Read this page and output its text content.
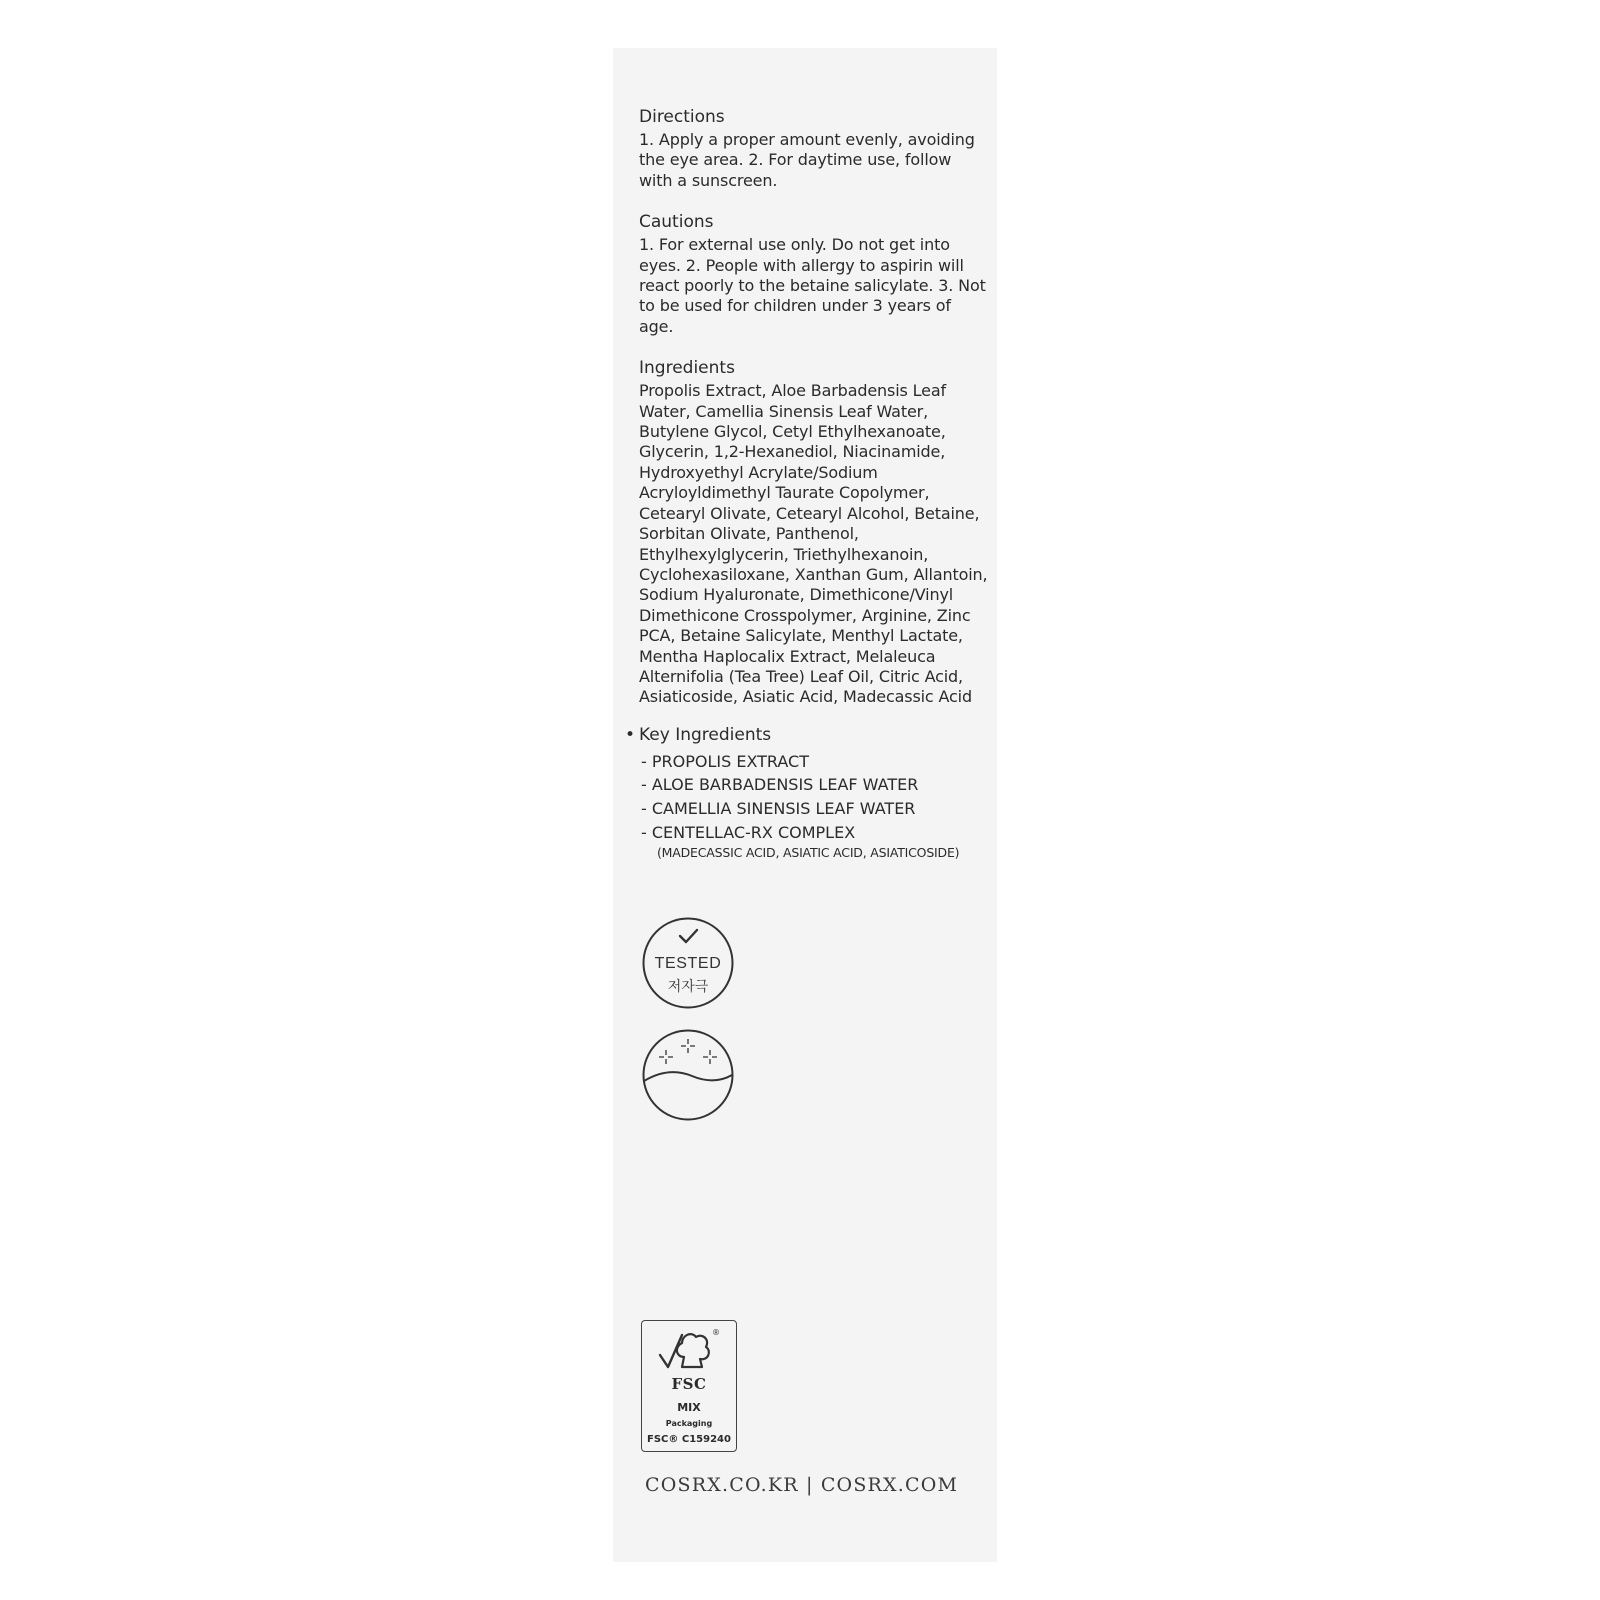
Directions

1. Apply a proper amount evenly, avoiding the eye area. 2. For daytime use, follow with a sunscreen.

Cautions

1. For external use only. Do not get into eyes. 2. People with allergy to aspirin will react poorly to the betaine salicylate. 3. Not to be used for children under 3 years of age.

Ingredients

Propolis Extract, Aloe Barbadensis Leaf Water, Camellia Sinensis Leaf Water, Butylene Glycol, Cetyl Ethylhexanoate, Glycerin, 1,2-Hexanediol, Niacinamide, Hydroxyethyl Acrylate/Sodium Acryloyldimethyl Taurate Copolymer, Cetearyl Olivate, Cetearyl Alcohol, Betaine, Sorbitan Olivate, Panthenol, Ethylhexylglycerin, Triethylhexanoin, Cyclohexasiloxane, Xanthan Gum, Allantoin, Sodium Hyaluronate, Dimethicone/Vinyl Dimethicone Crosspolymer, Arginine, Zinc PCA, Betaine Salicylate, Menthyl Lactate, Mentha Haplocalix Extract, Melaleuca Alternifolia (Tea Tree) Leaf Oil, Citric Acid, Asiaticoside, Asiatic Acid, Madecassic Acid

• Key Ingredients
- PROPOLIS EXTRACT
- ALOE BARBADENSIS LEAF WATER
- CAMELLIA SINENSIS LEAF WATER
- CENTELLAC-RX COMPLEX
(MADECASSIC ACID, ASIATIC ACID, ASIATICOSIDE)
TESTED
저자극
®
FSC
MIX
Packaging
FSC® C159240
COSRX.CO.KR | COSRX.COM
